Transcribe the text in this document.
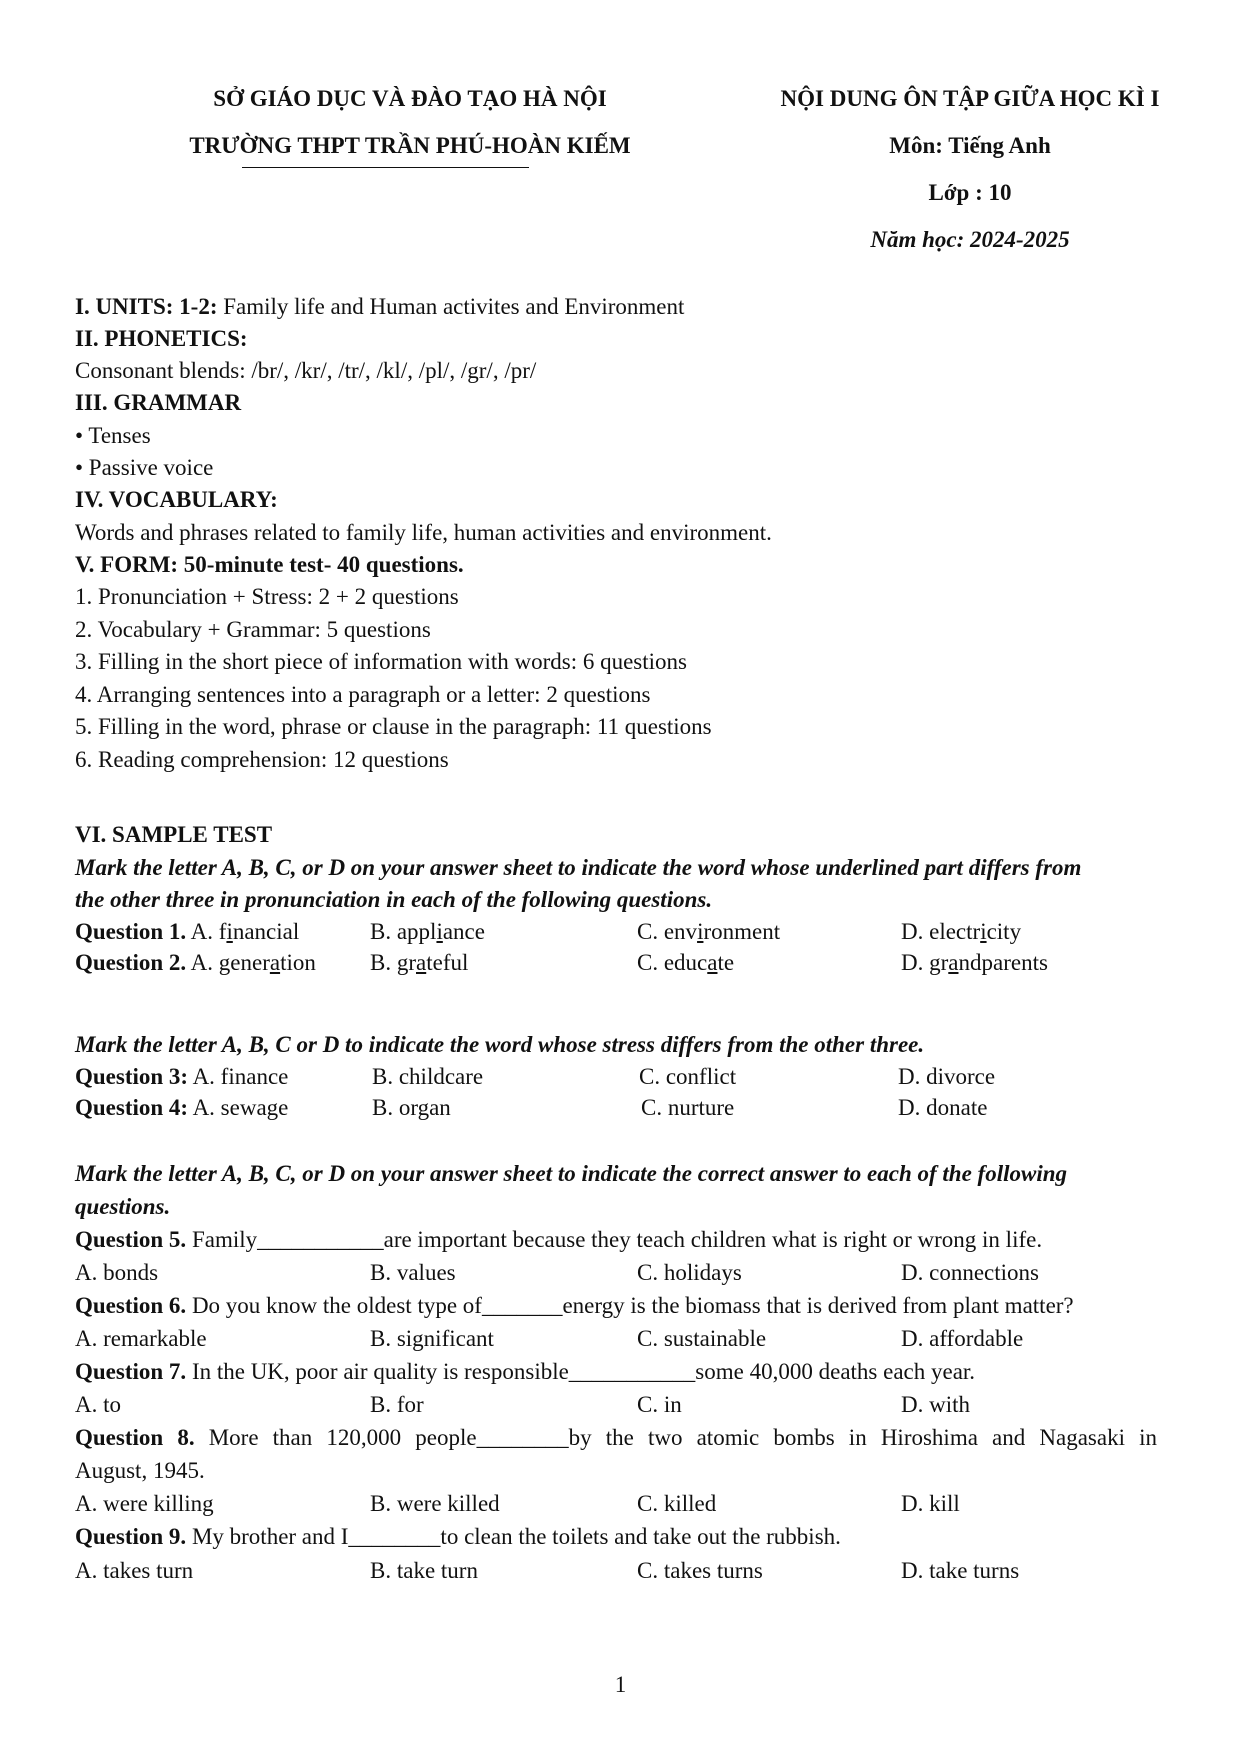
SỞ GIÁO DỤC VÀ ĐÀO TẠO HÀ NỘI
TRƯỜNG THPT TRẦN PHÚ-HOÀN KIẾM
NỘI DUNG ÔN TẬP GIỮA HỌC KÌ I
Môn: Tiếng Anh
Lớp : 10
Năm học: 2024-2025
I. UNITS: 1-2: Family life and Human activites and Environment
II. PHONETICS:
Consonant blends: /br/, /kr/, /tr/, /kl/, /pl/, /gr/, /pr/
III. GRAMMAR
• Tenses
• Passive voice
IV. VOCABULARY:
Words and phrases related to family life, human activities and environment.
V. FORM: 50-minute test- 40 questions.
1. Pronunciation + Stress: 2 + 2 questions
2. Vocabulary + Grammar: 5 questions
3. Filling in the short piece of information with words: 6 questions
4. Arranging sentences into a paragraph or a letter: 2 questions
5. Filling in the word, phrase or clause in the paragraph: 11 questions
6. Reading comprehension: 12 questions
VI. SAMPLE TEST
Mark the letter A, B, C, or D on your answer sheet to indicate the word whose underlined part differs from
the other three in pronunciation in each of the following questions.
Question 1. A. financial	B. appliance	C. environment	D. electricity
Question 2. A. generation B. grateful	C. educate	D. grandparents
Mark the letter A, B, C or D to indicate the word whose stress differs from the other three.
Question 3: A. finance	B. childcare	C. conflict	D. divorce
Question 4: A. sewage	B. organ	C. nurture	D. donate
Mark the letter A, B, C, or D on your answer sheet to indicate the correct answer to each of the following
questions.
Question 5. Family___________are important because they teach children what is right or wrong in life.
A. bonds	B. values	C. holidays	D. connections
Question 6. Do you know the oldest type of_______energy is the biomass that is derived from plant matter?
A. remarkable	B. significant	C. sustainable	D. affordable
Question 7. In the UK, poor air quality is responsible___________some 40,000 deaths each year.
A. to	B. for	C. in	D. with
Question 8. More than 120,000 people________by the two atomic bombs in Hiroshima and Nagasaki in
August, 1945.
A. were killing	B. were killed	C. killed	D. kill
Question 9. My brother and I________to clean the toilets and take out the rubbish.
A. takes turn	B. take turn	C. takes turns	D. take turns
1
